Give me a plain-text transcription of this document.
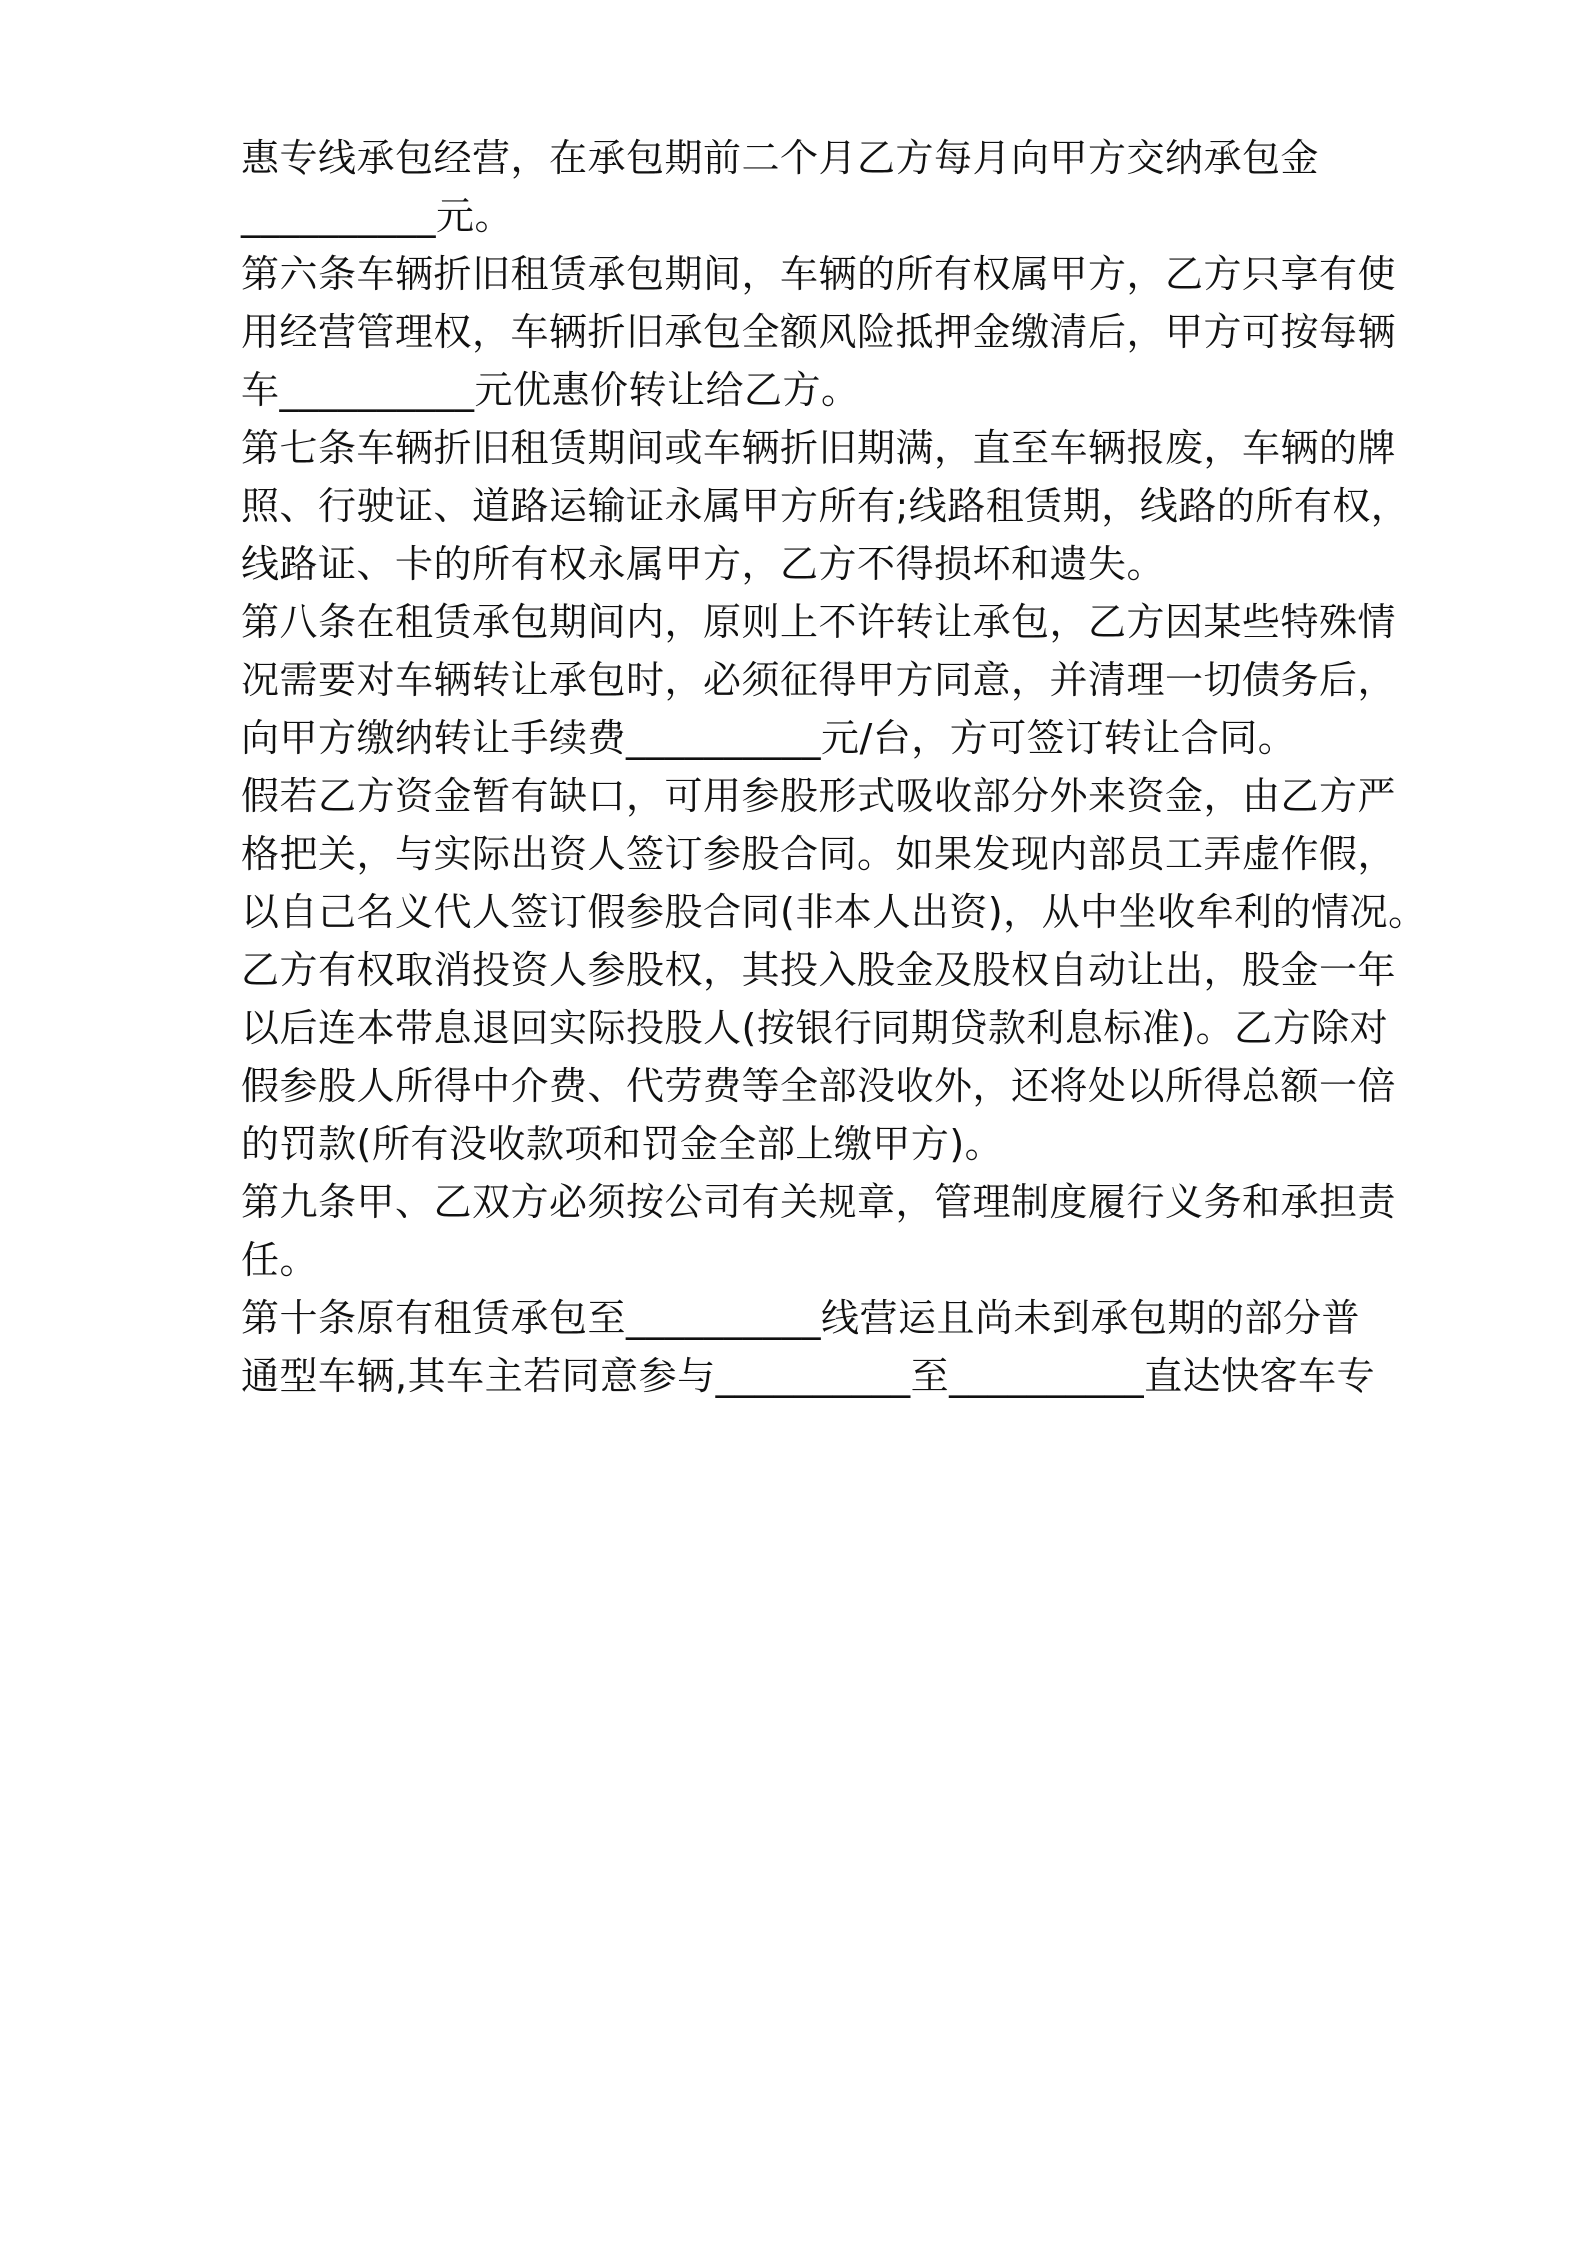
惠专线承包经营，在承包期前二个月乙方每月向甲方交纳承包金

__________元。

第六条车辆折旧租赁承包期间，车辆的所有权属甲方，乙方只享有使

用经营管理权，车辆折旧承包全额风险抵押金缴清后，甲方可按每辆

车__________元优惠价转让给乙方。

第七条车辆折旧租赁期间或车辆折旧期满，直至车辆报废，车辆的牌

照、行驶证、道路运输证永属甲方所有;线路租赁期，线路的所有权，

线路证、卡的所有权永属甲方，乙方不得损坏和遗失。

第八条在租赁承包期间内，原则上不许转让承包，乙方因某些特殊情

况需要对车辆转让承包时，必须征得甲方同意，并清理一切债务后，

向甲方缴纳转让手续费__________元/台，方可签订转让合同。

假若乙方资金暂有缺口，可用参股形式吸收部分外来资金，由乙方严

格把关，与实际出资人签订参股合同。如果发现内部员工弄虚作假，

以自己名义代人签订假参股合同(非本人出资)，从中坐收牟利的情况。

乙方有权取消投资人参股权，其投入股金及股权自动让出，股金一年

以后连本带息退回实际投股人(按银行同期贷款利息标准)。乙方除对

假参股人所得中介费、代劳费等全部没收外，还将处以所得总额一倍

的罚款(所有没收款项和罚金全部上缴甲方)。

第九条甲、乙双方必须按公司有关规章，管理制度履行义务和承担责

任。

第十条原有租赁承包至__________线营运且尚未到承包期的部分普

通型车辆,其车主若同意参与__________至__________直达快客车专
